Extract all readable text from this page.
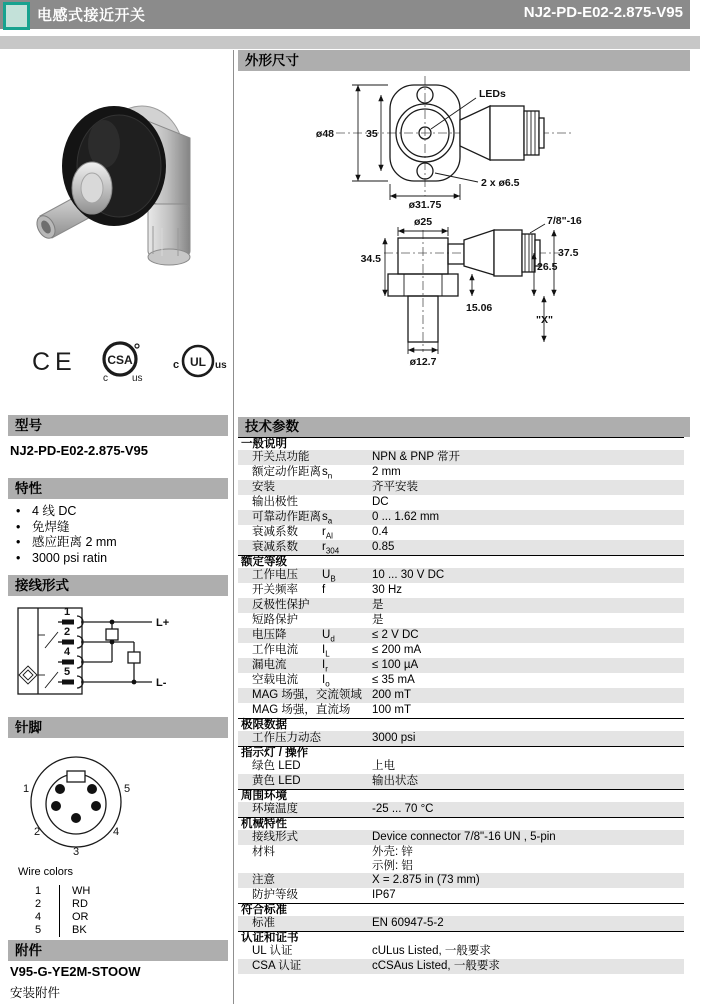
电感式接近开关	NJ2-PD-E02-2.875-V95
CE	CSA
c us
UL
c	us
型号
NJ2-PD-E02-2.875-V95
特性
• 4 线 DC
• 免焊缝
• 感应距离 2 mm
• 3000 psi ratin
接线形式
1
2
4
5
L+
L-
针脚
1	5
2	4
3
Wire colors
1	WH
2	RD
4	OR
5	BK
附件
V95-G-YE2M-STOOW
安装附件
外形尺寸
ø48	35
ø31.75
2 x ø6.5
LEDs
ø25	7/8"-16
34.5	37.5
26.5
15.06
"X"
ø12.7
技术参数
一般说明
开关点功能	NPN & PNP 常开
额定动作距离 $s_n$	2 mm
安装	齐平安装
输出极性	DC
可靠动作距离 $s_a$	0 ... 1.62 mm
衰减系数 $r_{Al}$	0.4
衰减系数 $r_{304}$	0.85
额定等级
工作电压 $U_B$	10 ... 30 V DC
开关频率 f	30 Hz
反极性保护	是
短路保护	是
电压降	$U_d$	≤ 2 V DC
工作电流 $I_L$	≤ 200 mA
漏电流	$I_r$	≤ 100 µA
空载电流 $I_o$	≤ 35 mA
MAG 场强，交流领域 200 mT
MAG 场强，直流场 100 mT
极限数据
工作压力动态	3000 psi
指示灯 / 操作
绿色 LED	上电
黄色 LED	输出状态
周围环境
环境温度	-25 ... 70 °C
机械特性
接线形式	Device connector 7/8"-16 UN , 5-pin
材料	外壳: 锌
示例: 铝
注意	X = 2.875 in (73 mm)
防护等级	IP67
符合标准
标准	EN 60947-5-2
认证和证书
UL 认证	cULus Listed, 一般要求
CSA 认证	cCSAus Listed, 一般要求
